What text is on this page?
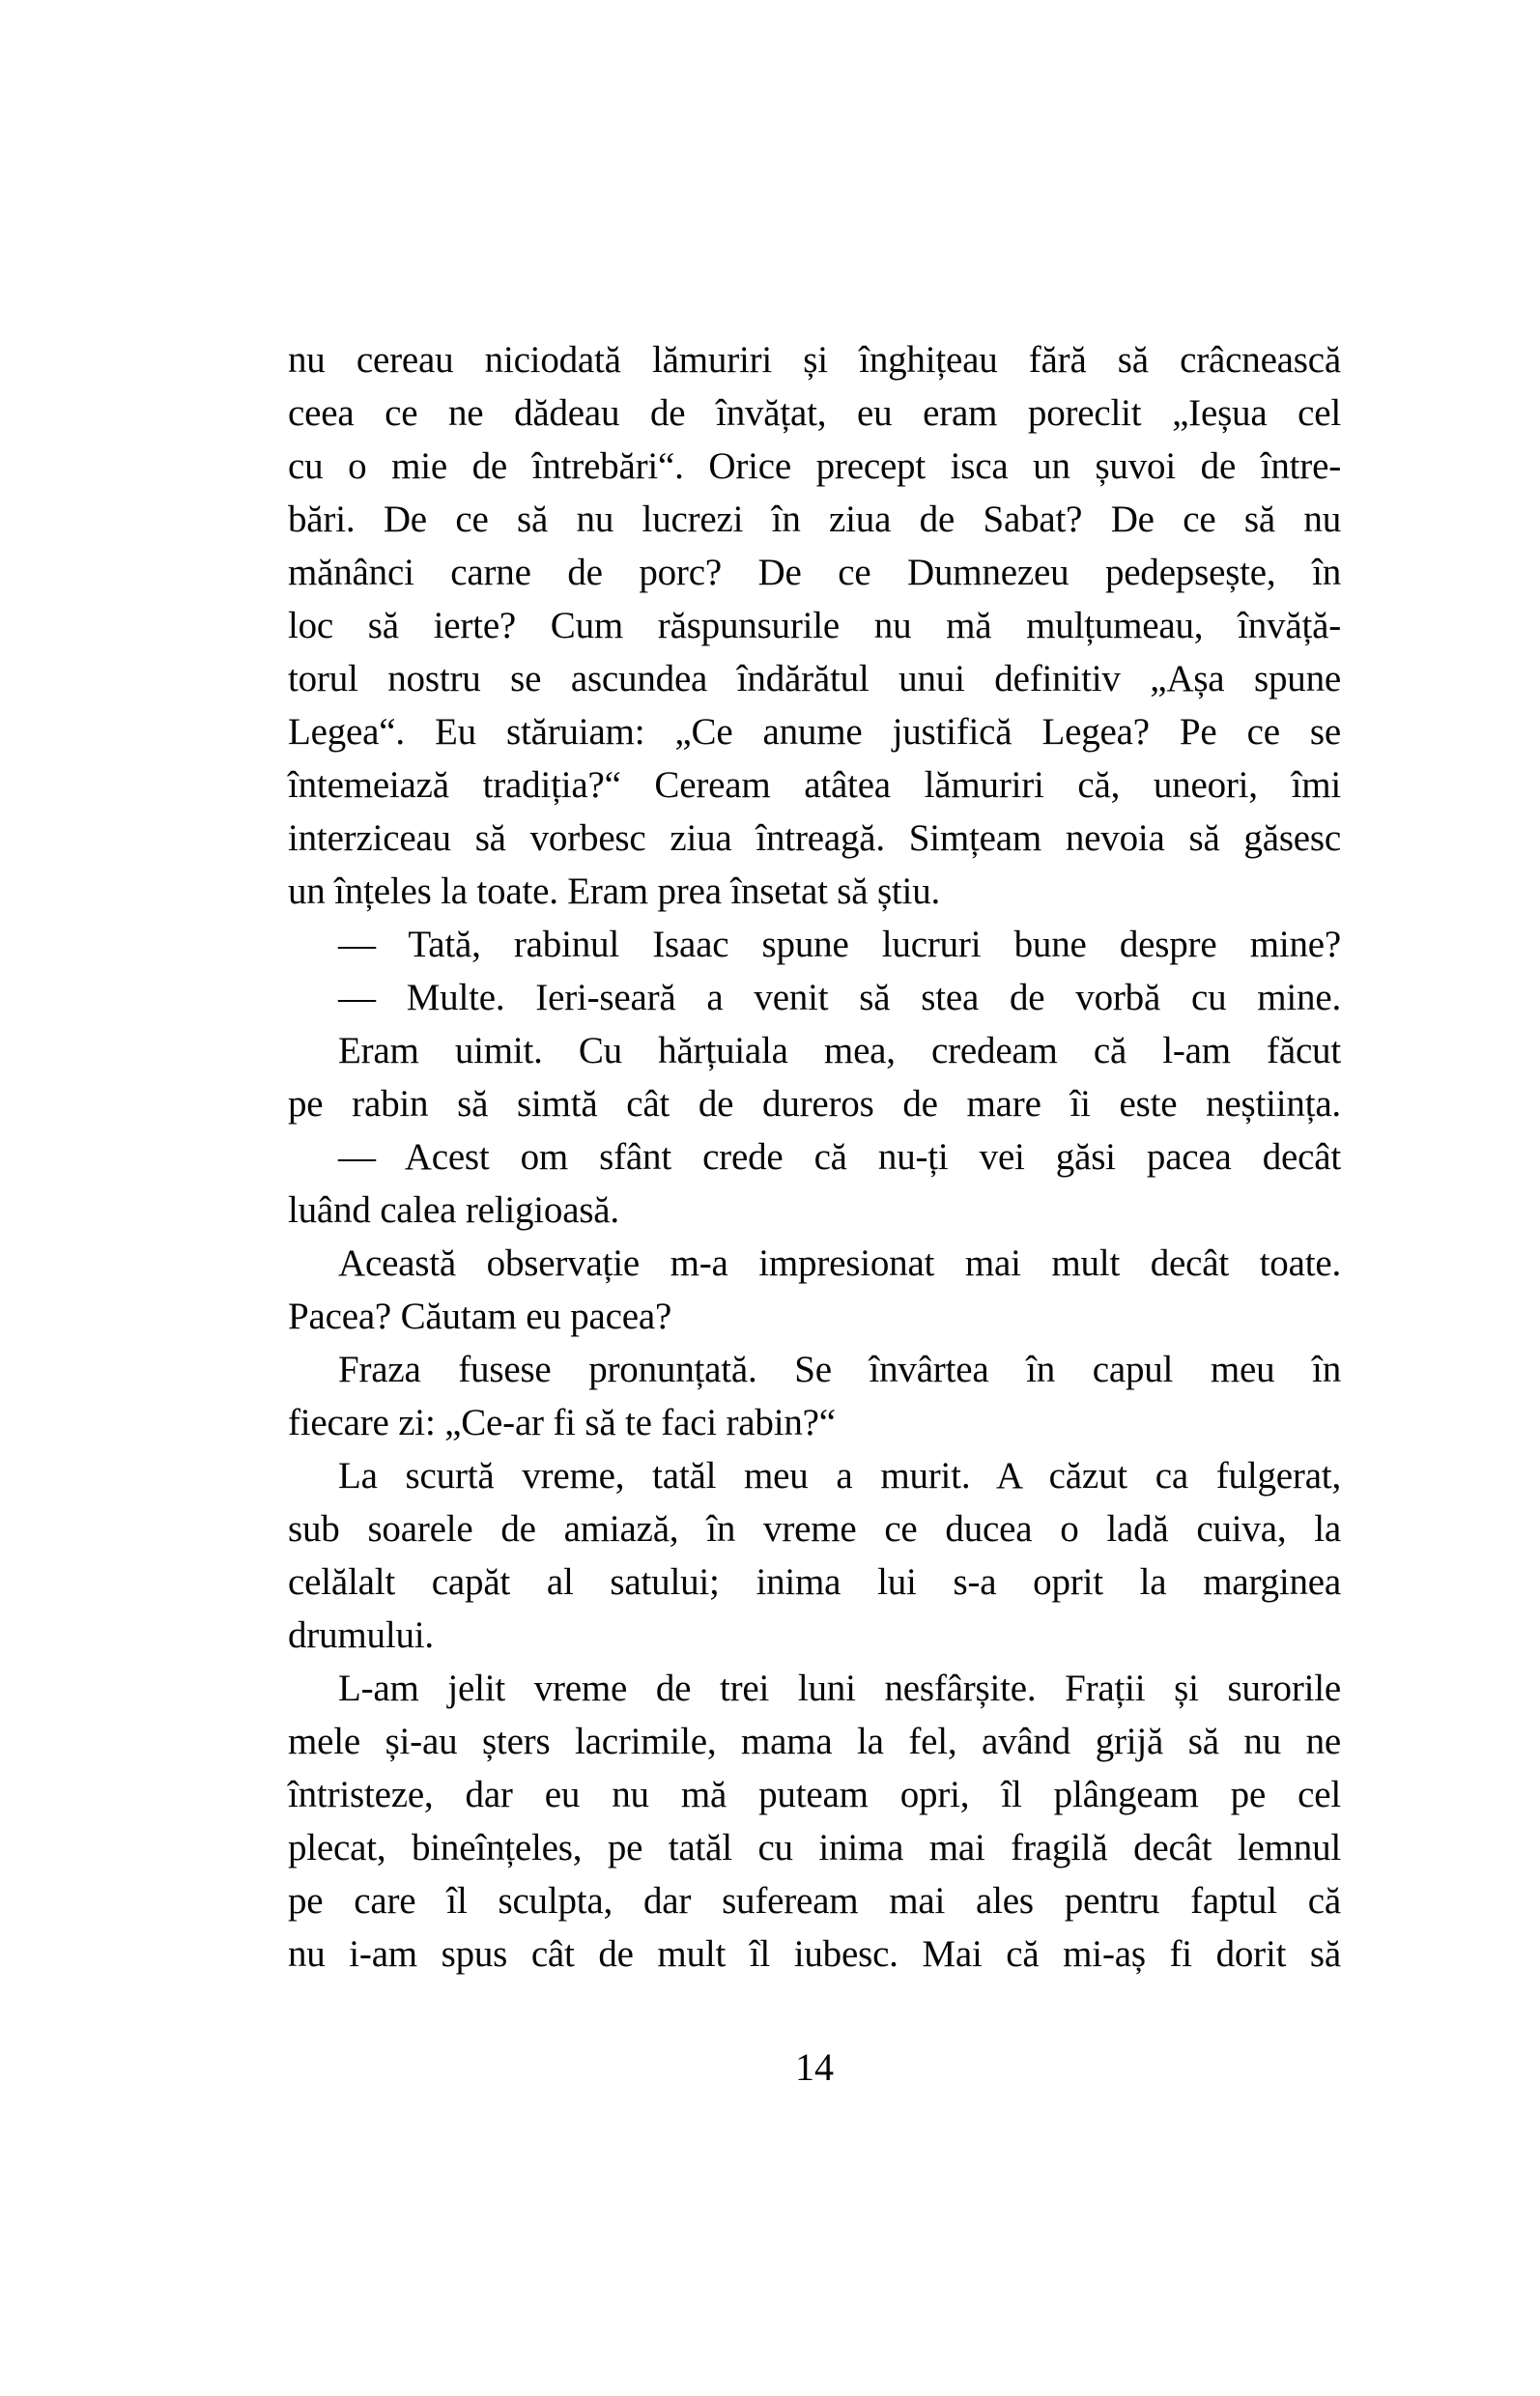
nu cereau niciodată lămuriri și înghițeau fără să crâcnească
ceea ce ne dădeau de învățat, eu eram poreclit „Ieșua cel
cu o mie de întrebări“. Orice precept isca un șuvoi de între-
bări. De ce să nu lucrezi în ziua de Sabat? De ce să nu
mănânci carne de porc? De ce Dumnezeu pedepsește, în
loc să ierte? Cum răspunsurile nu mă mulțumeau, învăță-
torul nostru se ascundea îndărătul unui definitiv „Așa spune
Legea“. Eu stăruiam: „Ce anume justifică Legea? Pe ce se
întemeiază tradiția?“ Ceream atâtea lămuriri că, uneori, îmi
interziceau să vorbesc ziua întreagă. Simțeam nevoia să găsesc
un înțeles la toate. Eram prea însetat să știu.
— Tată, rabinul Isaac spune lucruri bune despre mine?
— Multe. Ieri-seară a venit să stea de vorbă cu mine.
Eram uimit. Cu hărțuiala mea, credeam că l-am făcut
pe rabin să simtă cât de dureros de mare îi este neștiința.
— Acest om sfânt crede că nu-ți vei găsi pacea decât
luând calea religioasă.
Această observație m-a impresionat mai mult decât toate.
Pacea? Căutam eu pacea?
Fraza fusese pronunțată. Se învârtea în capul meu în
fiecare zi: „Ce-ar fi să te faci rabin?“
La scurtă vreme, tatăl meu a murit. A căzut ca fulgerat,
sub soarele de amiază, în vreme ce ducea o ladă cuiva, la
celălalt capăt al satului; inima lui s-a oprit la marginea
drumului.
L-am jelit vreme de trei luni nesfârșite. Frații și surorile
mele și-au șters lacrimile, mama la fel, având grijă să nu ne
întristeze, dar eu nu mă puteam opri, îl plângeam pe cel
plecat, bineînțeles, pe tatăl cu inima mai fragilă decât lemnul
pe care îl sculpta, dar sufeream mai ales pentru faptul că
nu i-am spus cât de mult îl iubesc. Mai că mi-aș fi dorit să
14
